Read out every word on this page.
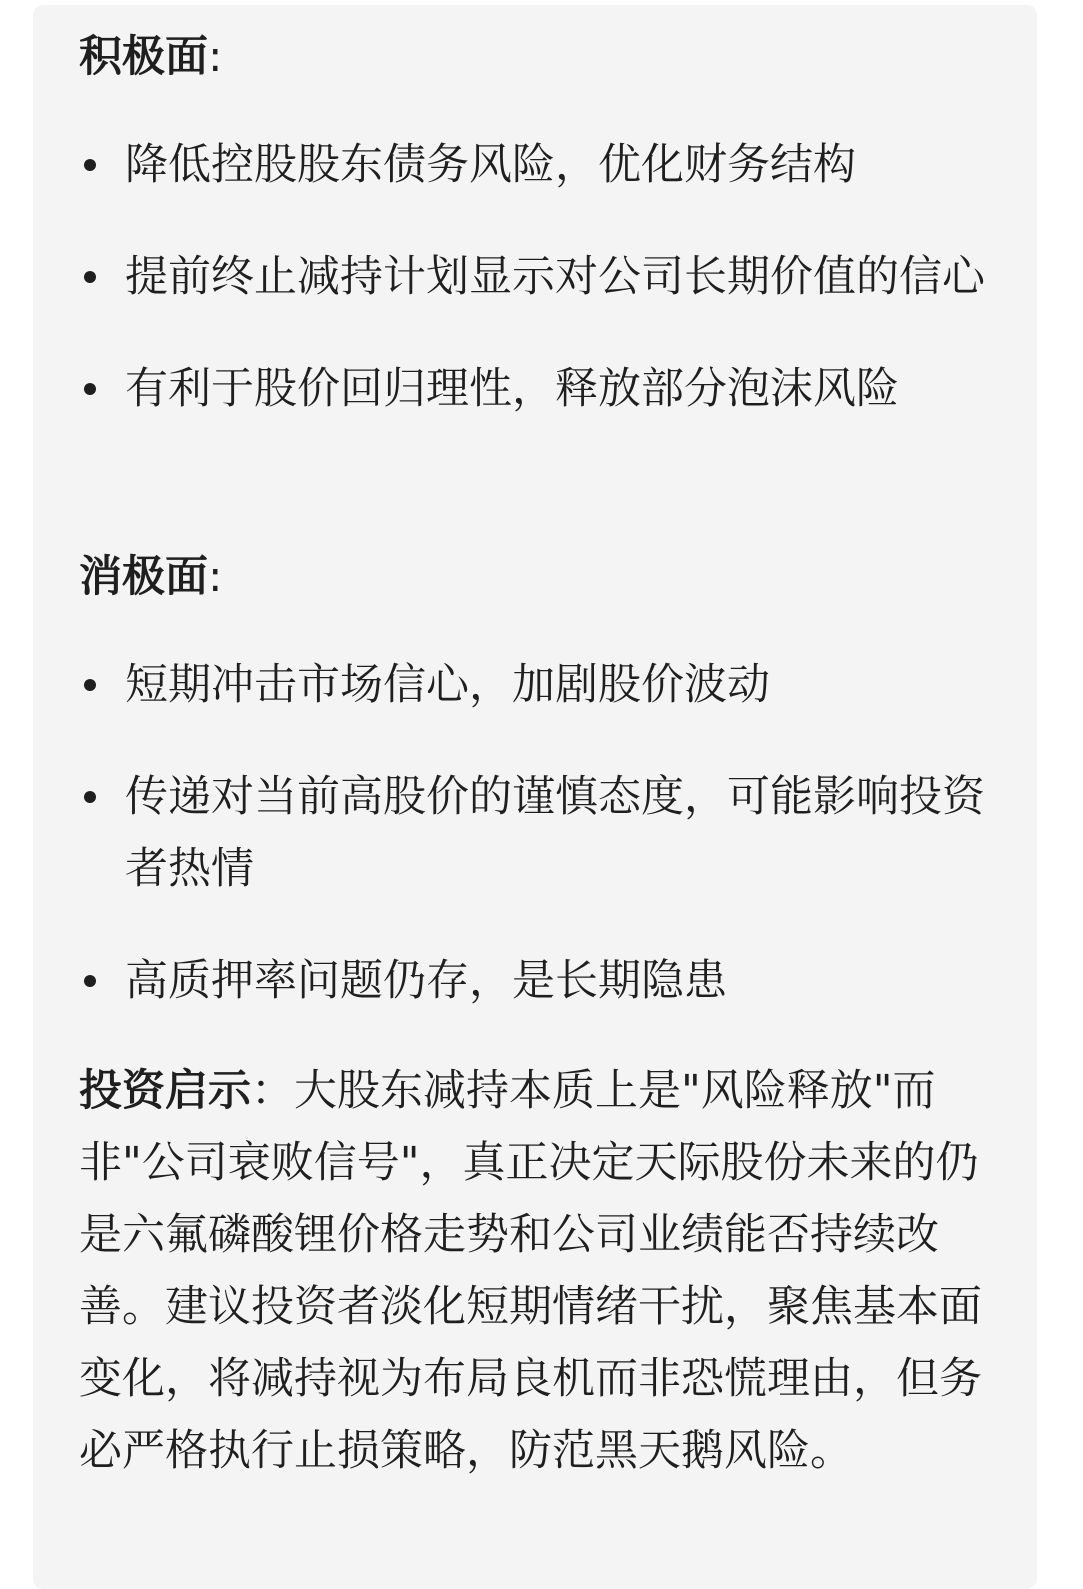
积极面:
降低控股股东债务风险，优化财务结构
提前终止减持计划显示对公司长期价值的信心
有利于股价回归理性，释放部分泡沫风险
消极面:
短期冲击市场信心，加剧股价波动
传递对当前高股价的谨慎态度，可能影响投资者热情
高质押率问题仍存，是长期隐患
投资启示：大股东减持本质上是"风险释放"而非"公司衰败信号"，真正决定天际股份未来的仍是六氟磷酸锂价格走势和公司业绩能否持续改善。建议投资者淡化短期情绪干扰，聚焦基本面变化，将减持视为布局良机而非恐慌理由，但务必严格执行止损策略，防范黑天鹅风险。
